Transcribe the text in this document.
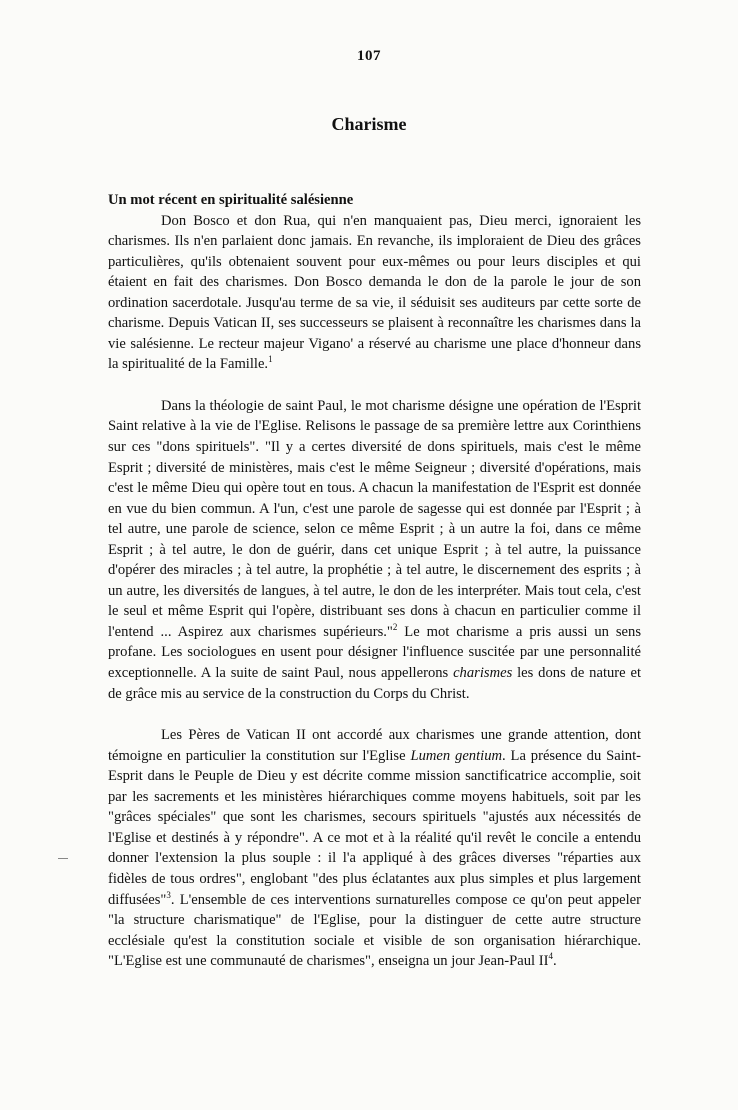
107
Charisme

Un mot récent en spiritualité salésienne

Don Bosco et don Rua, qui n'en manquaient pas, Dieu merci, ignoraient les charismes. Ils n'en parlaient donc jamais. En revanche, ils imploraient de Dieu des grâces particulières, qu'ils obtenaient souvent pour eux-mêmes ou pour leurs disciples et qui étaient en fait des charismes. Don Bosco demanda le don de la parole le jour de son ordination sacerdotale. Jusqu'au terme de sa vie, il séduisit ses auditeurs par cette sorte de charisme. Depuis Vatican II, ses successeurs se plaisent à reconnaître les charismes dans la vie salésienne. Le recteur majeur Vigano' a réservé au charisme une place d'honneur dans la spiritualité de la Famille.$^1$

Dans la théologie de saint Paul, le mot charisme désigne une opération de l'Esprit Saint relative à la vie de l'Eglise. Relisons le passage de sa première lettre aux Corinthiens sur ces "dons spirituels". "Il y a certes diversité de dons spirituels, mais c'est le même Esprit ; diversité de ministères, mais c'est le même Seigneur ; diversité d'opérations, mais c'est le même Dieu qui opère tout en tous. A chacun la manifestation de l'Esprit est donnée en vue du bien commun. A l'un, c'est une parole de sagesse qui est donnée par l'Esprit ; à tel autre, une parole de science, selon ce même Esprit ; à un autre la foi, dans ce même Esprit ; à tel autre, le don de guérir, dans cet unique Esprit ; à tel autre, la puissance d'opérer des miracles ; à tel autre, la prophétie ; à tel autre, le discernement des esprits ; à un autre, les diversités de langues, à tel autre, le don de les interpréter. Mais tout cela, c'est le seul et même Esprit qui l'opère, distribuant ses dons à chacun en particulier comme il l'entend ... Aspirez aux charismes supérieurs."$^2$ Le mot charisme a pris aussi un sens profane. Les sociologues en usent pour désigner l'influence suscitée par une personnalité exceptionnelle. A la suite de saint Paul, nous appellerons charismes les dons de nature et de grâce mis au service de la construction du Corps du Christ.

Les Pères de Vatican II ont accordé aux charismes une grande attention, dont témoigne en particulier la constitution sur l'Eglise Lumen gentium. La présence du Saint-Esprit dans le Peuple de Dieu y est décrite comme mission sanctificatrice accomplie, soit par les sacrements et les ministères hiérarchiques comme moyens habituels, soit par les "grâces spéciales" que sont les charismes, secours spirituels "ajustés aux nécessités de l'Eglise et destinés à y répondre". A ce mot et à la réalité qu'il revêt le concile a entendu donner l'extension la plus souple : il l'a appliqué à des grâces diverses "réparties aux fidèles de tous ordres", englobant "des plus éclatantes aux plus simples et plus largement diffusées"$^3$. L'ensemble de ces interventions surnaturelles compose ce qu'on peut appeler "la structure charismatique" de l'Eglise, pour la distinguer de cette autre structure ecclésiale qu'est la constitution sociale et visible de son organisation hiérarchique. "L'Eglise est une communauté de charismes", enseigna un jour Jean-Paul $II^4$.
